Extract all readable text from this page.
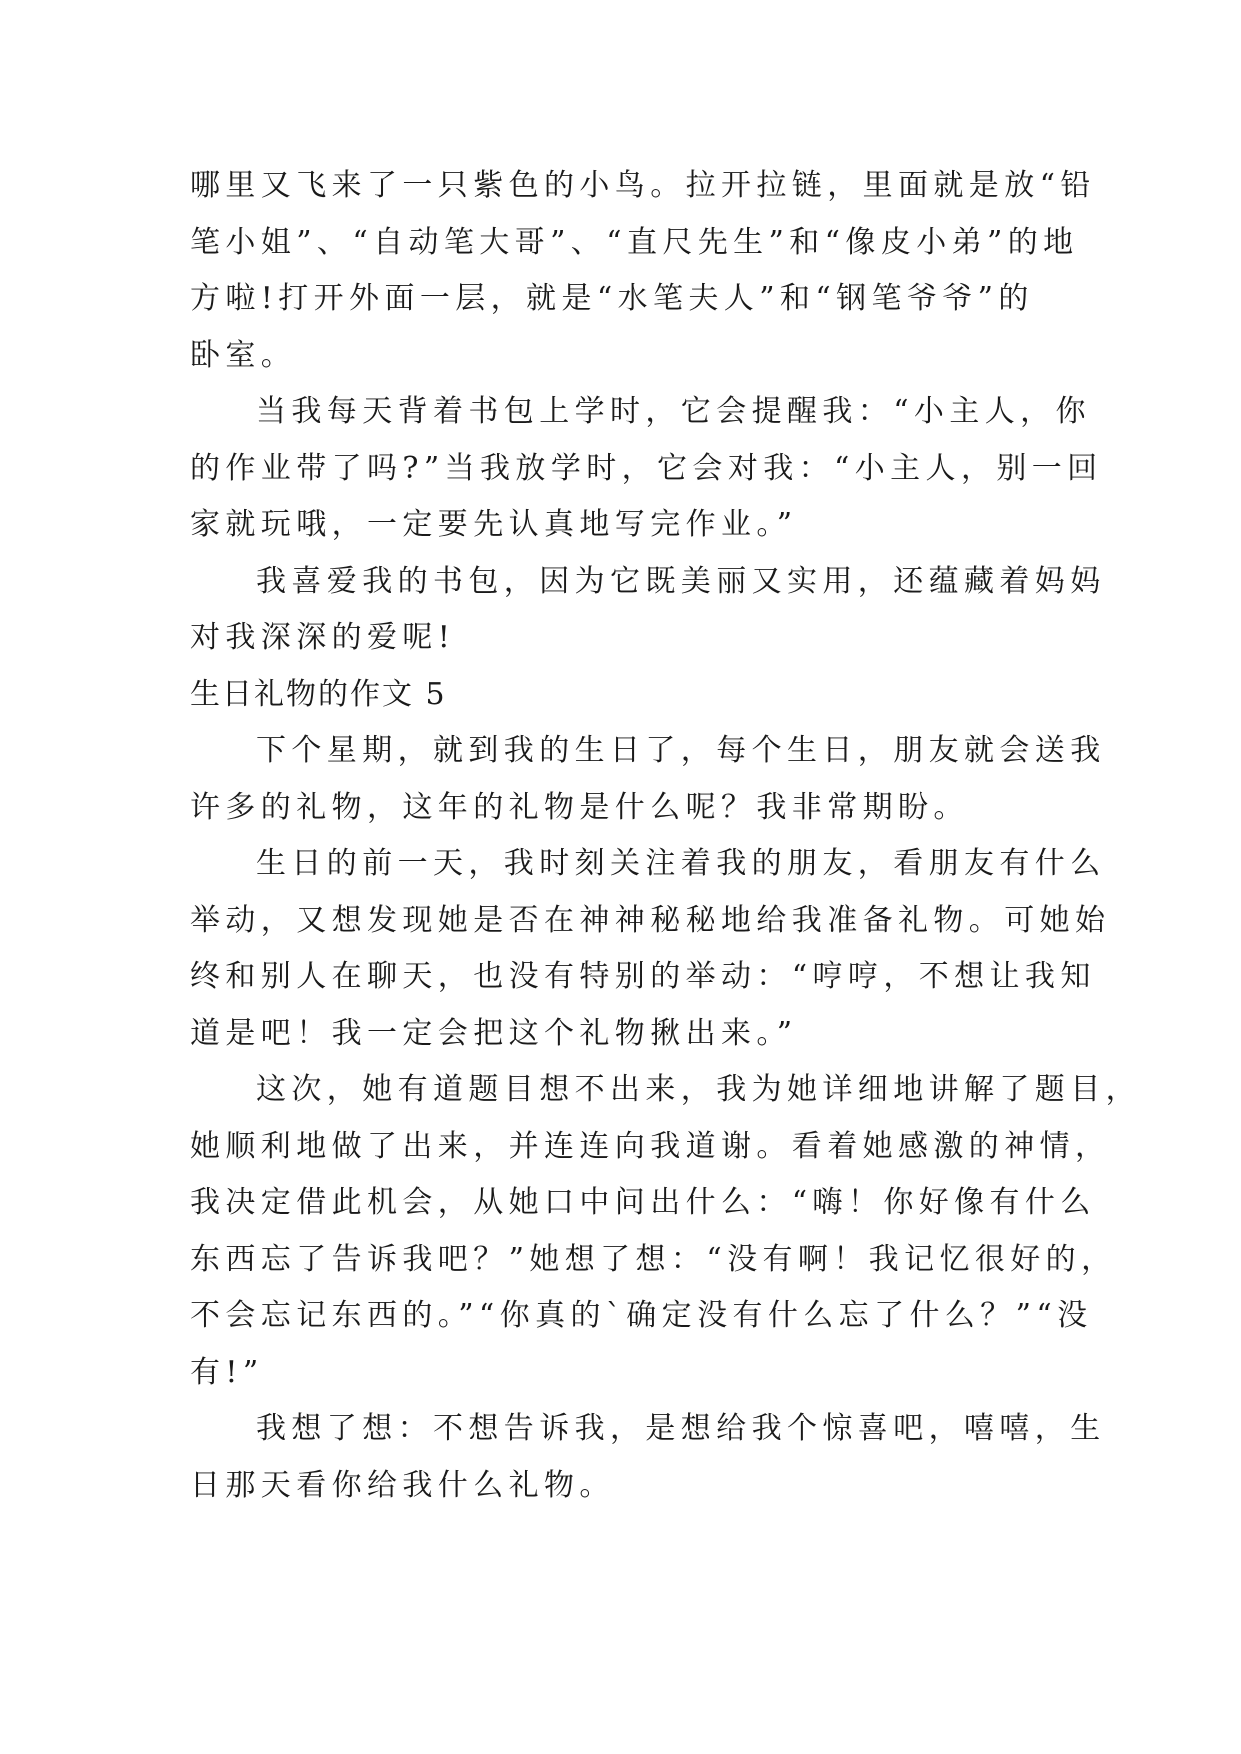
哪里又飞来了一只紫色的小鸟。拉开拉链，里面就是放“铅

笔小姐”、“自动笔大哥”、“直尺先生”和“像皮小弟”的地

方啦!打开外面一层，就是“水笔夫人”和“钢笔爷爷”的

卧室。

当我每天背着书包上学时，它会提醒我：“小主人，你

的作业带了吗?”当我放学时，它会对我：“小主人，别一回

家就玩哦，一定要先认真地写完作业。”

我喜爱我的书包，因为它既美丽又实用，还蕴藏着妈妈

对我深深的爱呢!

生日礼物的作文 5

下个星期，就到我的生日了，每个生日，朋友就会送我

许多的礼物，这年的礼物是什么呢？我非常期盼。

生日的前一天，我时刻关注着我的朋友，看朋友有什么

举动，又想发现她是否在神神秘秘地给我准备礼物。可她始

终和别人在聊天，也没有特别的举动：“哼哼，不想让我知

道是吧！我一定会把这个礼物揪出来。”

这次，她有道题目想不出来，我为她详细地讲解了题目，

她顺利地做了出来，并连连向我道谢。看着她感激的神情，

我决定借此机会，从她口中问出什么：“嗨！你好像有什么

东西忘了告诉我吧？”她想了想：“没有啊！我记忆很好的，

不会忘记东西的。”“你真的`确定没有什么忘了什么？”“没

有!”

我想了想：不想告诉我，是想给我个惊喜吧，嘻嘻，生

日那天看你给我什么礼物。
